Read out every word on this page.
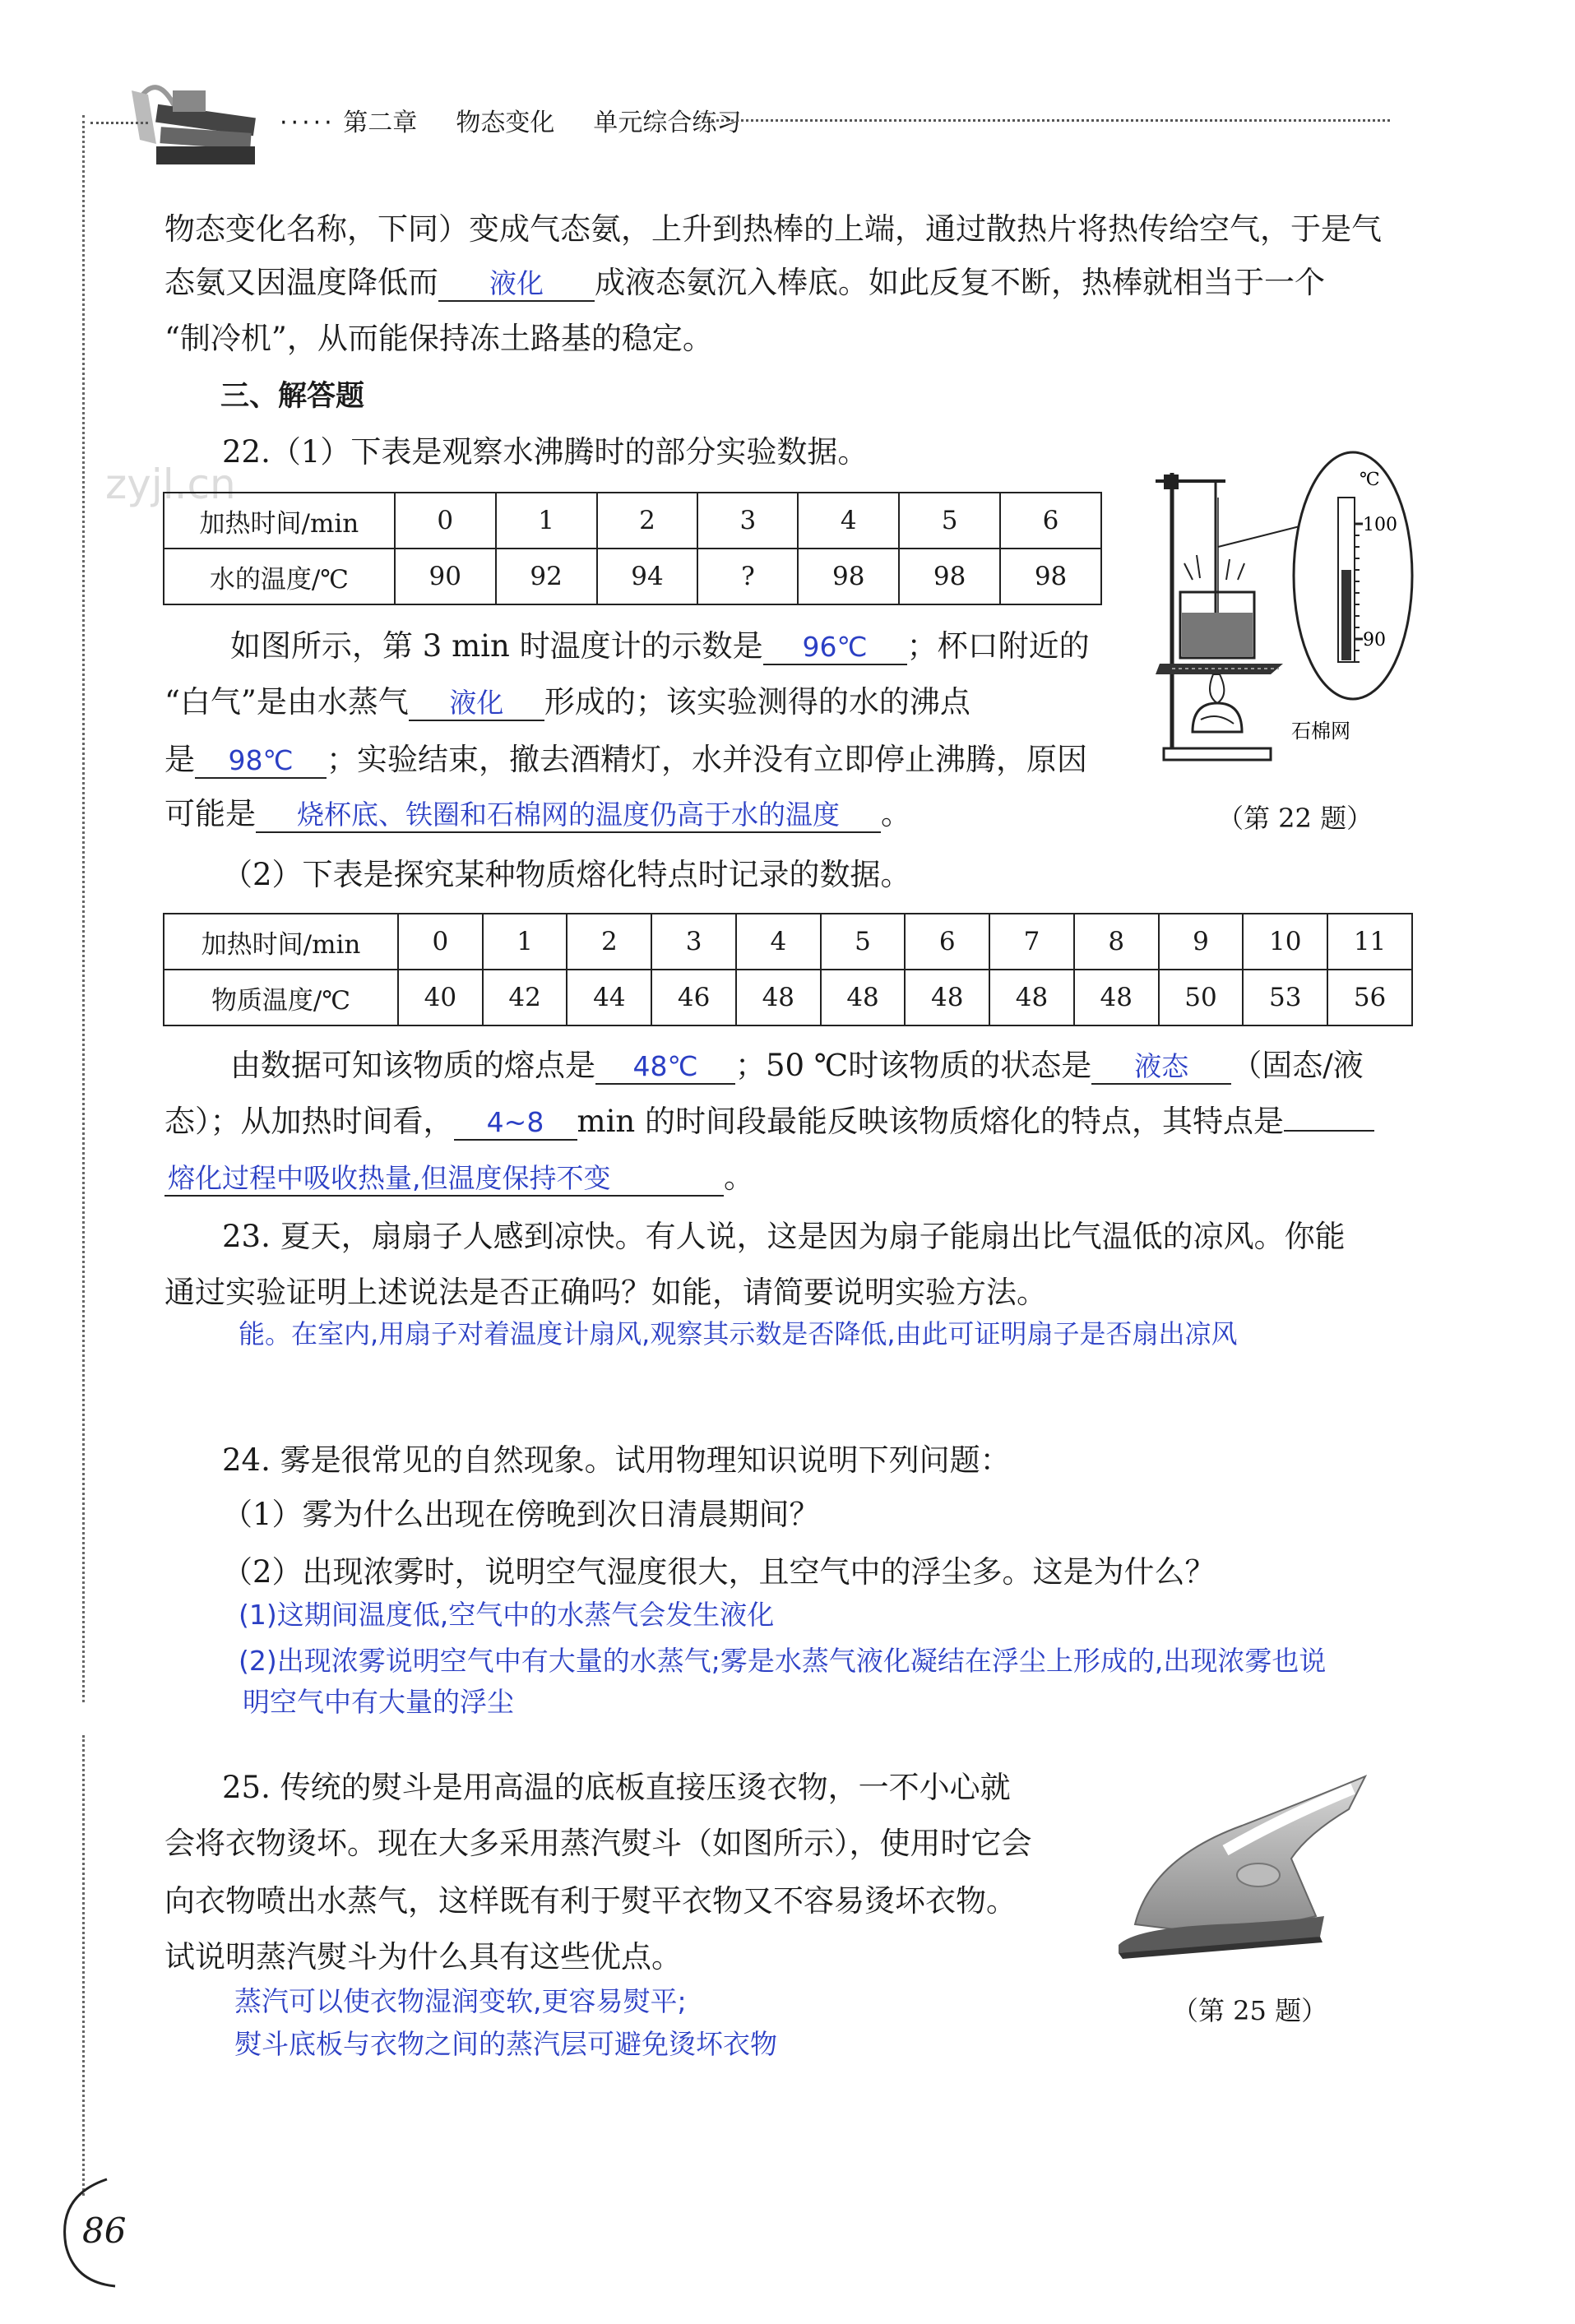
····· 第二章 物态变化 单元综合练习
物态变化名称，下同）变成气态氨，上升到热棒的上端，通过散热片将热传给空气，于是气
态氨又因温度降低而 液化 成液态氨沉入棒底。如此反复不断，热棒就相当于一个
“制冷机”，从而能保持冻土路基的稳定。
三、解答题
zyjl.cn
22.（1）下表是观察水沸腾时的部分实验数据。
加热时间/min	0	1	2	3	4	5	6
水的温度/℃	90	92	94	?	98	98	98
℃
100
90
石棉网
（第 22 题）
如图所示，第 3 min 时温度计的示数是 96℃ ；杯口附近的
“白气”是由水蒸气 液化 形成的；该实验测得的水的沸点
是 98℃ ；实验结束，撤去酒精灯，水并没有立即停止沸腾，原因
可能是 烧杯底、铁圈和石棉网的温度仍高于水的温度 。
（2）下表是探究某种物质熔化特点时记录的数据。
加热时间/min	0	1	2	3	4	5	6	7	8	9	10	11
物质温度/℃	40	42	44	46	48	48	48	48	48	50	53	56
由数据可知该物质的熔点是 48℃ ；50 ℃时该物质的状态是 液态 （固态/液
态）；从加热时间看， 4~8 min 的时间段最能反映该物质熔化的特点，其特点是
熔化过程中吸收热量,但温度保持不变	。
23. 夏天，扇扇子人感到凉快。有人说，这是因为扇子能扇出比气温低的凉风。你能
通过实验证明上述说法是否正确吗？如能，请简要说明实验方法。
能。在室内,用扇子对着温度计扇风,观察其示数是否降低,由此可证明扇子是否扇出凉风
24. 雾是很常见的自然现象。试用物理知识说明下列问题：
（1）雾为什么出现在傍晚到次日清晨期间？
（2）出现浓雾时，说明空气湿度很大，且空气中的浮尘多。这是为什么？
(1)这期间温度低,空气中的水蒸气会发生液化
(2)出现浓雾说明空气中有大量的水蒸气;雾是水蒸气液化凝结在浮尘上形成的,出现浓雾也说
明空气中有大量的浮尘
25. 传统的熨斗是用高温的底板直接压烫衣物，一不小心就
会将衣物烫坏。现在大多采用蒸汽熨斗（如图所示），使用时它会
向衣物喷出水蒸气，这样既有利于熨平衣物又不容易烫坏衣物。
试说明蒸汽熨斗为什么具有这些优点。
蒸汽可以使衣物湿润变软,更容易熨平;
熨斗底板与衣物之间的蒸汽层可避免烫坏衣物
（第 25 题）
86
